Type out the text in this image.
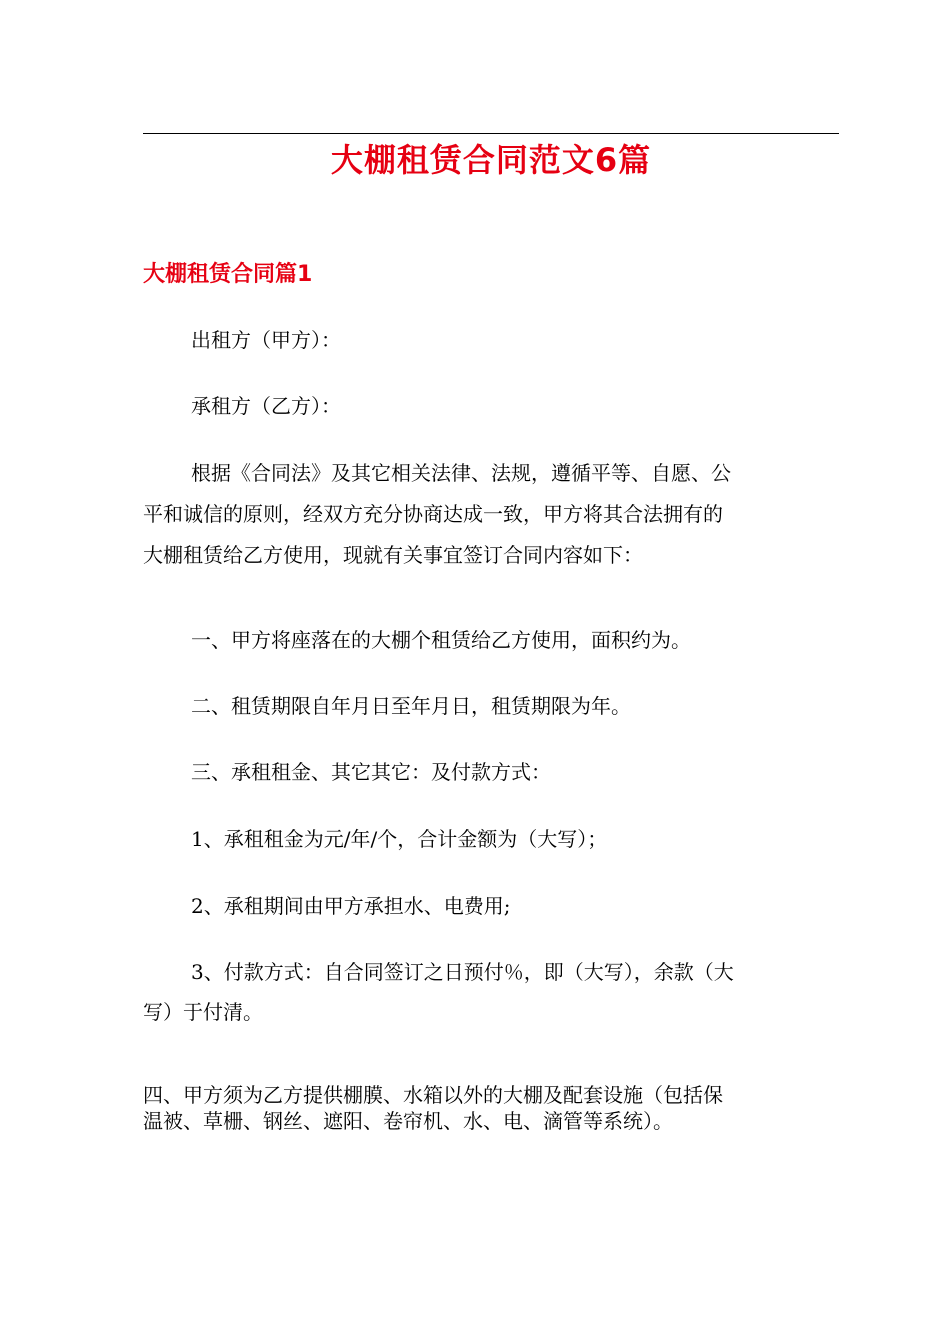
大棚租赁合同范文6篇
大棚租赁合同篇1
出租方（甲方）：
承租方（乙方）：
根据《合同法》及其它相关法律、法规，遵循平等、自愿、公
平和诚信的原则，经双方充分协商达成一致，甲方将其合法拥有的
大棚租赁给乙方使用，现就有关事宜签订合同内容如下：
一、甲方将座落在的大棚个租赁给乙方使用，面积约为。
二、租赁期限自年月日至年月日，租赁期限为年。
三、承租租金、其它其它：及付款方式：
1、承租租金为元/年/个，合计金额为（大写）；
2、承租期间由甲方承担水、电费用;
3、付款方式：自合同签订之日预付％，即（大写），余款（大
写）于付清。
四、甲方须为乙方提供棚膜、水箱以外的大棚及配套设施（包括保
温被、草栅、钢丝、遮阳、卷帘机、水、电、滴管等系统）。
